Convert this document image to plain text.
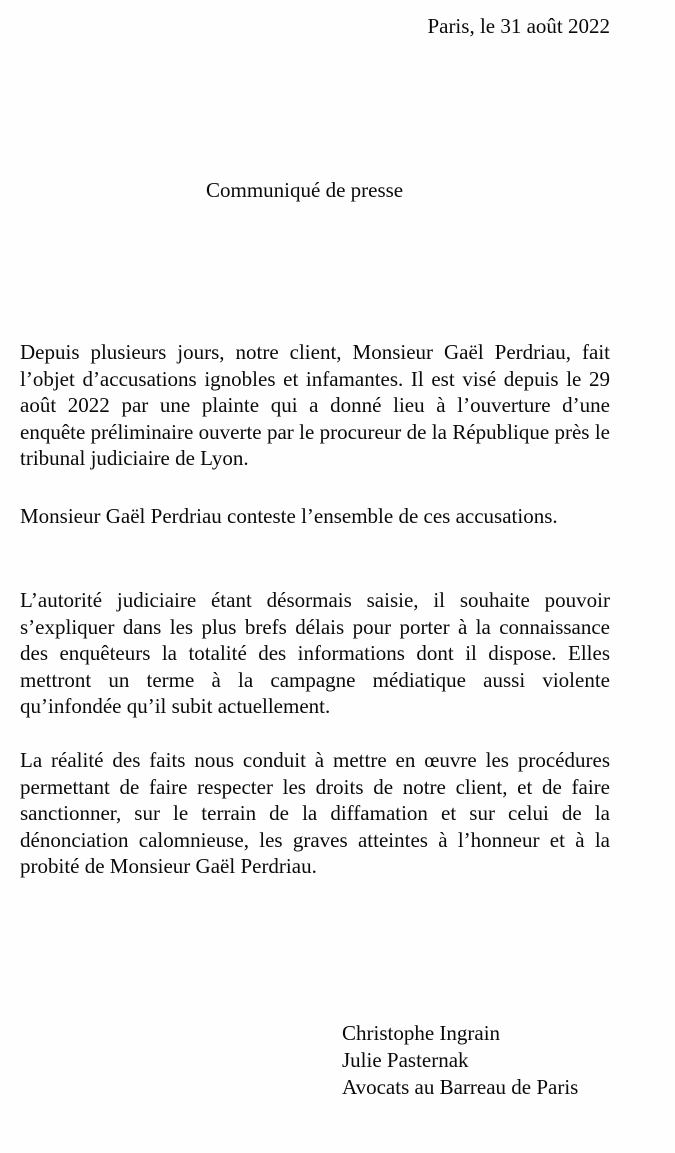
Paris, le 31 août 2022
Communiqué de presse

Depuis plusieurs jours, notre client, Monsieur Gaël Perdriau, fait l’objet d’accusations ignobles et infamantes. Il est visé depuis le 29 août 2022 par une plainte qui a donné lieu à l’ouverture d’une enquête préliminaire ouverte par le procureur de la République près le tribunal judiciaire de Lyon.

Monsieur Gaël Perdriau conteste l’ensemble de ces accusations.

L’autorité judiciaire étant désormais saisie, il souhaite pouvoir s’expliquer dans les plus brefs délais pour porter à la connaissance des enquêteurs la totalité des informations dont il dispose. Elles mettront un terme à la campagne médiatique aussi violente qu’infondée qu’il subit actuellement.

La réalité des faits nous conduit à mettre en œuvre les procédures permettant de faire respecter les droits de notre client, et de faire sanctionner, sur le terrain de la diffamation et sur celui de la dénonciation calomnieuse, les graves atteintes à l’honneur et à la probité de Monsieur Gaël Perdriau.

Christophe Ingrain
Julie Pasternak
Avocats au Barreau de Paris
